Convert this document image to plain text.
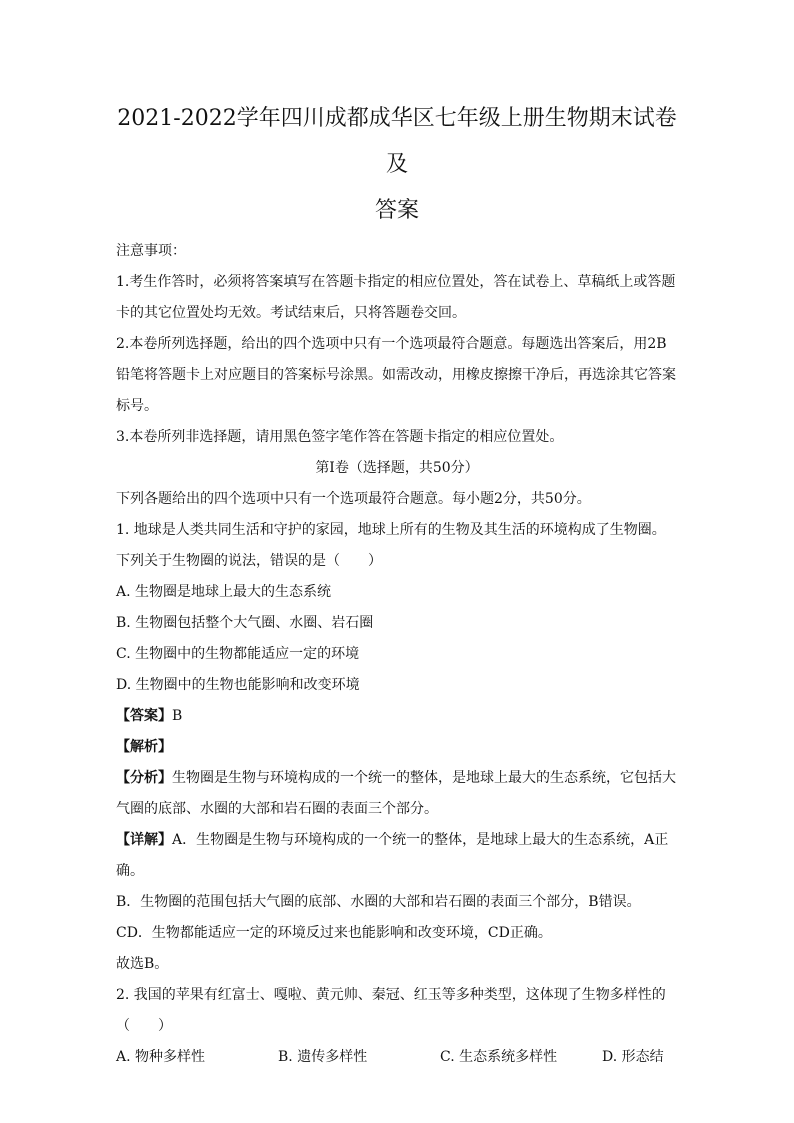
2021-2022学年四川成都成华区七年级上册生物期末试卷及
答案

注意事项：

1.考生作答时，必须将答案填写在答题卡指定的相应位置处，答在试卷上、草稿纸上或答题

卡的其它位置处均无效。考试结束后，只将答题卷交回。

2.本卷所列选择题，给出的四个选项中只有一个选项最符合题意。每题选出答案后，用2B

铅笔将答题卡上对应题目的答案标号涂黑。如需改动，用橡皮擦擦干净后，再选涂其它答案

标号。

3.本卷所列非选择题，请用黑色签字笔作答在答题卡指定的相应位置处。

第Ⅰ卷（选择题，共50分）

下列各题给出的四个选项中只有一个选项最符合题意。每小题2分，共50分。

1. 地球是人类共同生活和守护的家园，地球上所有的生物及其生活的环境构成了生物圈。

下列关于生物圈的说法，错误的是（　　）

A. 生物圈是地球上最大的生态系统

B. 生物圈包括整个大气圈、水圈、岩石圈

C. 生物圈中的生物都能适应一定的环境

D. 生物圈中的生物也能影响和改变环境

【答案】B

【解析】

【分析】生物圈是生物与环境构成的一个统一的整体，是地球上最大的生态系统，它包括大

气圈的底部、水圈的大部和岩石圈的表面三个部分。

【详解】A．生物圈是生物与环境构成的一个统一的整体，是地球上最大的生态系统，A正

确。

B．生物圈的范围包括大气圈的底部、水圈的大部和岩石圈的表面三个部分，B错误。

CD．生物都能适应一定的环境反过来也能影响和改变环境，CD正确。

故选B。

2. 我国的苹果有红富士、嘎啦、黄元帅、秦冠、红玉等多种类型，这体现了生物多样性的

（　　）

A. 物种多样性	B. 遗传多样性	C. 生态系统多样性	D. 形态结
